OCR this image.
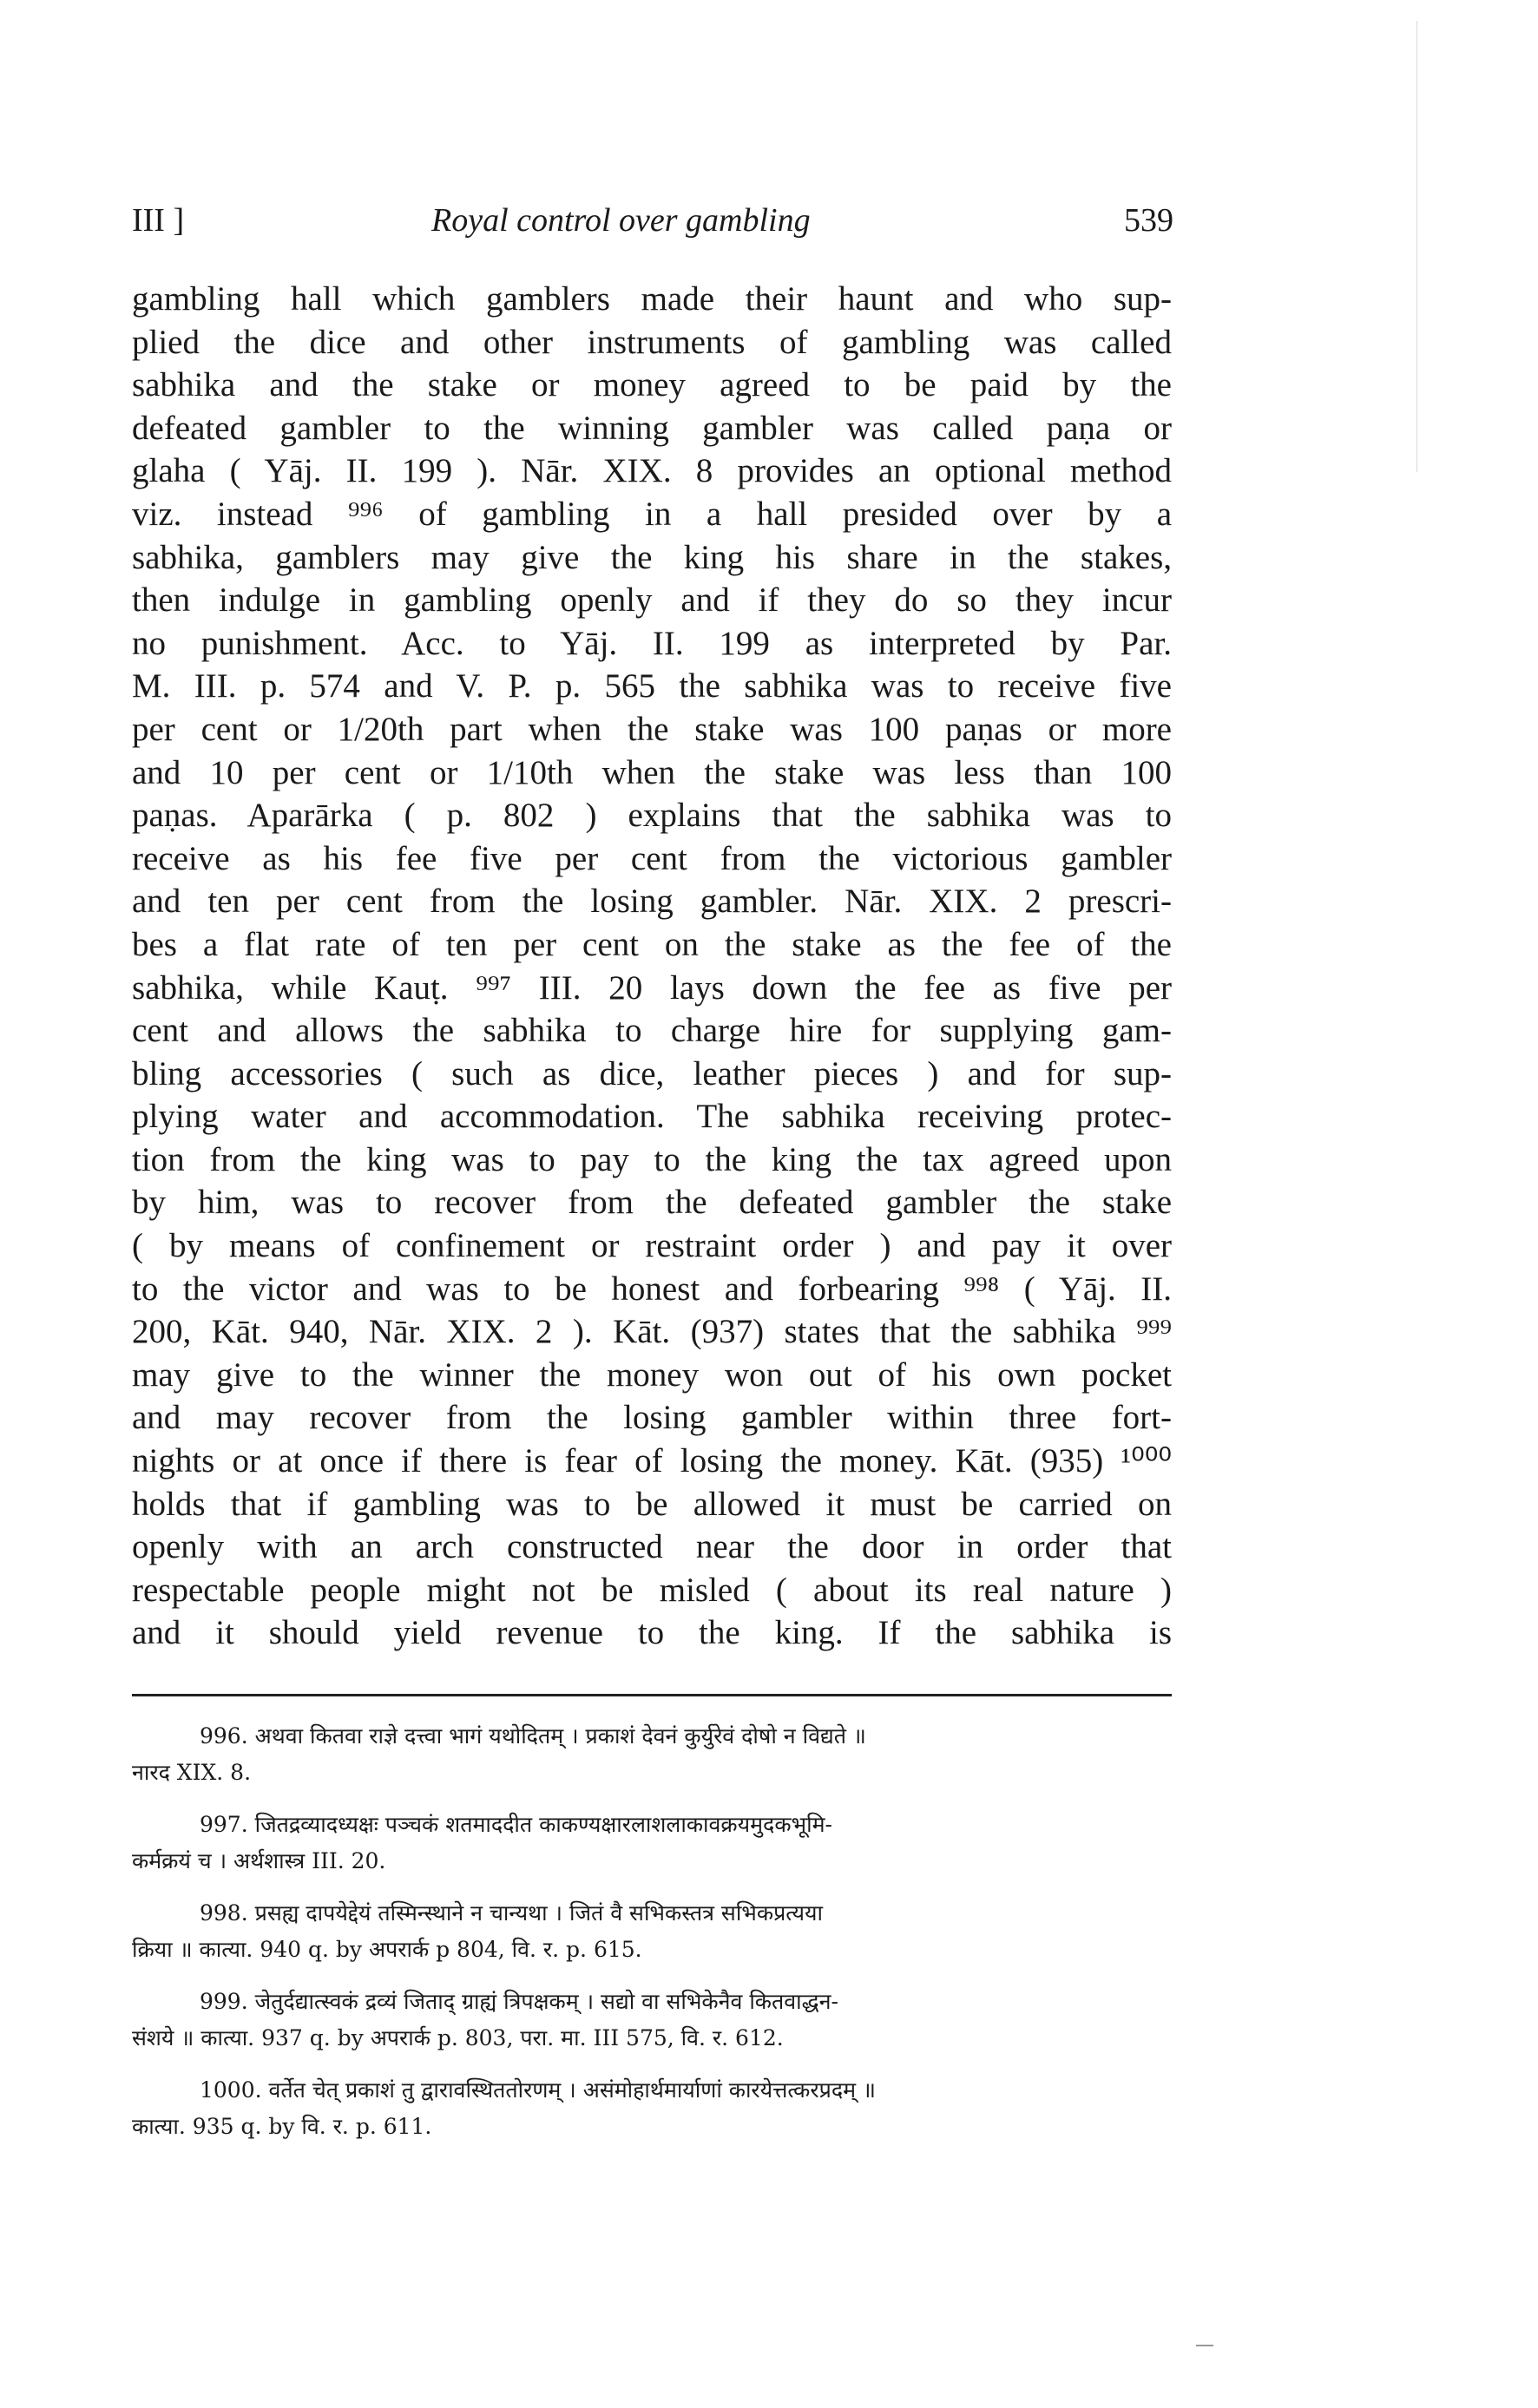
III ]	Royal control over gambling	539
gambling hall which gamblers made their haunt and who sup-
plied the dice and other instruments of gambling was called
sabhika and the stake or money agreed to be paid by the
defeated gambler to the winning gambler was called paṇa or
glaha ( Yāj. II. 199 ). Nār. XIX. 8 provides an optional method
viz. instead ⁹⁹⁶ of gambling in a hall presided over by a
sabhika, gamblers may give the king his share in the stakes,
then indulge in gambling openly and if they do so they incur
no punishment. Acc. to Yāj. II. 199 as interpreted by Par.
M. III. p. 574 and V. P. p. 565 the sabhika was to receive five
per cent or 1/20th part when the stake was 100 paṇas or more
and 10 per cent or 1/10th when the stake was less than 100
paṇas. Aparārka ( p. 802 ) explains that the sabhika was to
receive as his fee five per cent from the victorious gambler
and ten per cent from the losing gambler. Nār. XIX. 2 prescri-
bes a flat rate of ten per cent on the stake as the fee of the
sabhika, while Kauṭ. ⁹⁹⁷ III. 20 lays down the fee as five per
cent and allows the sabhika to charge hire for supplying gam-
bling accessories ( such as dice, leather pieces ) and for sup-
plying water and accommodation. The sabhika receiving protec-
tion from the king was to pay to the king the tax agreed upon
by him, was to recover from the defeated gambler the stake
( by means of confinement or restraint order ) and pay it over
to the victor and was to be honest and forbearing ⁹⁹⁸ ( Yāj. II.
200, Kāt. 940, Nār. XIX. 2 ). Kāt. (937) states that the sabhika ⁹⁹⁹
may give to the winner the money won out of his own pocket
and may recover from the losing gambler within three fort-
nights or at once if there is fear of losing the money. Kāt. (935) ¹⁰⁰⁰
holds that if gambling was to be allowed it must be carried on
openly with an arch constructed near the door in order that
respectable people might not be misled ( about its real nature )
and it should yield revenue to the king. If the sabhika is
996. अथवा कितवा राज्ञे दत्त्वा भागं यथोदितम् । प्रकाशं देवनं कुर्युरेवं दोषो न विद्यते ॥
नारद XIX. 8.
997. जितद्रव्यादध्यक्षः पञ्चकं शतमाददीत काकण्यक्षारलाशलाकावक्रयमुदकभूमि-
कर्मक्रयं च । अर्थशास्त्र III. 20.
998. प्रसह्य दापयेद्देयं तस्मिन्स्थाने न चान्यथा । जितं वै सभिकस्तत्र सभिकप्रत्यया
क्रिया ॥ कात्या. 940 q. by अपरार्क p 804, वि. र. p. 615.
999. जेतुर्दद्यात्स्वकं द्रव्यं जिताद् ग्राह्यं त्रिपक्षकम् । सद्यो वा सभिकेनैव कितवाद्धन-
संशये ॥ कात्या. 937 q. by अपरार्क p. 803, परा. मा. III 575, वि. र. 612.
1000. वर्तेत चेत् प्रकाशं तु द्वारावस्थिततोरणम् । असंमोहार्थमार्याणां कारयेत्तत्करप्रदम् ॥
कात्या. 935 q. by वि. र. p. 611.
